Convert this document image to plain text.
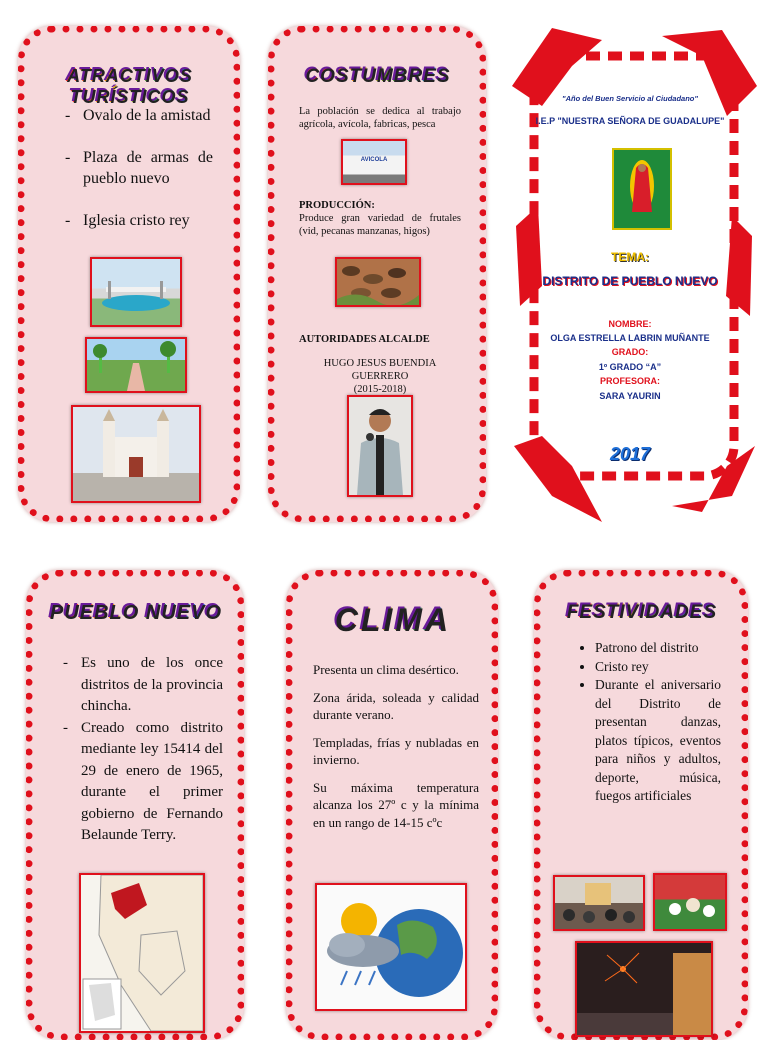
ATRACTIVOS TURÍSTICOS
- Ovalo de la amistad
- Plaza de armas de pueblo nuevo
- Iglesia cristo rey
COSTUMBRES

La población se dedica al trabajo agrícola, avícola, fabricas, pesca

AVICOLA
PRODUCCIÓN:

Produce gran variedad de frutales (vid, pecanas manzanas, higos)

AUTORIDADES ALCALDE
HUGO JESUS BUENDIA GUERRERO
(2015-2018)
"Año del Buen Servicio al Ciudadano"
I.E.P "NUESTRA SEÑORA DE GUADALUPE"
TEMA:
DISTRITO DE PUEBLO NUEVO
NOMBRE:
OLGA ESTRELLA LABRIN MUÑANTE
GRADO:
1º GRADO “A”
PROFESORA:
SARA YAURIN
2017
PUEBLO NUEVO
- Es uno de los once distritos de la provincia chincha.
- Creado como distrito mediante ley 15414 del 29 de enero de 1965, durante el primer gobierno de Fernando Belaunde Terry.
CLIMA

Presenta un clima desértico.

Zona árida, soleada y calidad durante verano.

Templadas, frías y nubladas en invierno.

Su máxima temperatura alcanza los 27º c y la mínima en un rango de 14-15 cºc

FESTIVIDADES
• Patrono del distrito
• Cristo rey
• Durante el aniversario del Distrito de presentan danzas, platos típicos, eventos para niños y adultos, deporte, música, fuegos artificiales
